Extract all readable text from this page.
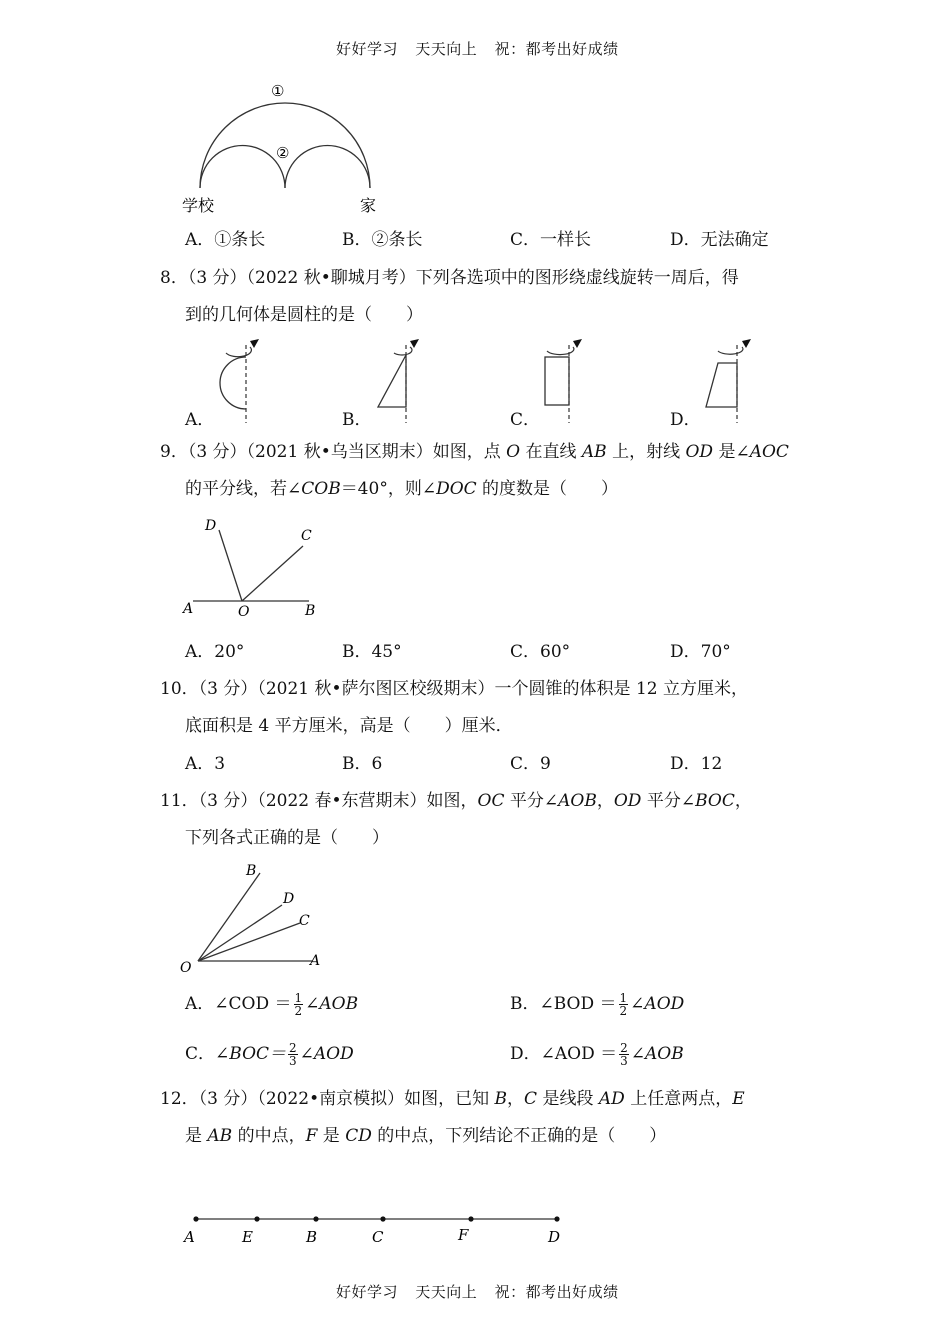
好好学习 天天向上 祝：都考出好成绩
①
②
学校	家
A．①条长	B．②条长	C．一样长	D．无法确定
8．（3 分）（2022 秋•聊城月考）下列各选项中的图形绕虚线旋转一周后，得
到的几何体是圆柱的是（　　）
A．	B．	C．	D．
9．（3 分）（2021 秋•乌当区期末）如图，点 O 在直线 AB 上，射线 OD 是∠AOC
的平分线，若∠COB＝40°，则∠DOC 的度数是（　　）
A	O	B
C
D
A．20°	B．45°	C．60°	D．70°
10．（3 分）（2021 秋•萨尔图区校级期末）一个圆锥的体积是 12 立方厘米，
底面积是 4 平方厘米，高是（　　）厘米．
A．3	B．6	C．9	D．12
11．（3 分）（2022 春•东营期末）如图，OC 平分∠AOB，OD 平分∠BOC，
下列各式正确的是（　　）
B
D
C
O	A
A．∠COD ＝ $\frac{1}{2}$ ∠AOB	B．∠BOD ＝ $\frac{1}{2}$ ∠AOD
C．∠BOC＝ $\frac{2}{3}$ ∠AOD	D．∠AOD ＝ $\frac{2}{3}$ ∠AOB
12．（3 分）（2022•南京模拟）如图，已知 B，C 是线段 AD 上任意两点，E
是 AB 的中点，F 是 CD 的中点，下列结论不正确的是（　　）
A	E	B	C	F	D
好好学习 天天向上 祝：都考出好成绩
